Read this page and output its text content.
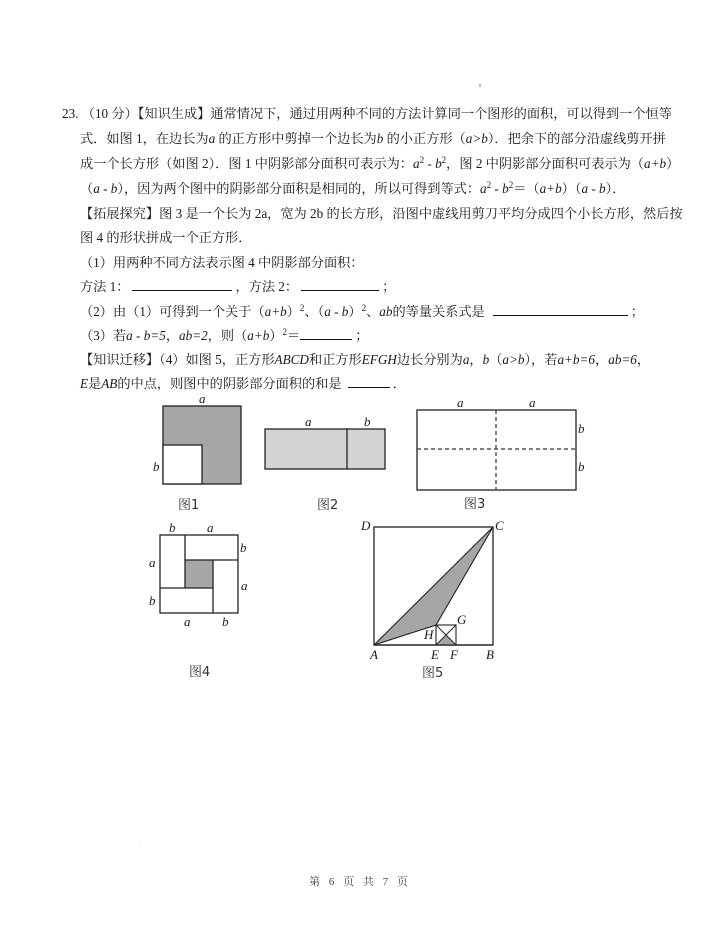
23. （10 分）【知识生成】通常情况下，通过用两种不同的方法计算同一个图形的面积，可以得到一个恒等
式．如图 1，在边长为a 的正方形中剪掉一个边长为b 的小正方形（a>b）．把余下的部分沿虚线剪开拼
成一个长方形（如图 2）．图 1 中阴影部分面积可表示为：$a^2 - b^2$，图 2 中阴影部分面积可表示为（a+b）
（a - b），因为两个图中的阴影部分面积是相同的，所以可得到等式：$a^2 - b^2=(a+b)(a - b)$．
【拓展探究】图 3 是一个长为 2a，宽为 2b 的长方形，沿图中虚线用剪刀平均分成四个小长方形，然后按
图 4 的形状拼成一个正方形．
（1）用两种不同方法表示图 4 中阴影部分面积：
方法 1：	，方法 2：	；
（2）由（1）可得到一个关于$(a+b)^2$、（a - b）$^2$、ab的等量关系式是	；
（3）若a - b=5，ab=2，则$(a+b)^2=$	；
【知识迁移】（4）如图 5，正方形ABCD和正方形EFGH边长分别为a，b（a>b），若a+b=6，ab=6，
E是AB的中点，则图中的阴影部分面积的和是	．
a
b
图1
a	b
图2
a	a
b
b
图3
b a
b
a
a
b
a b
图4
A	B
C
D
E F
G
H
图5
第 6 页 共 7 页
